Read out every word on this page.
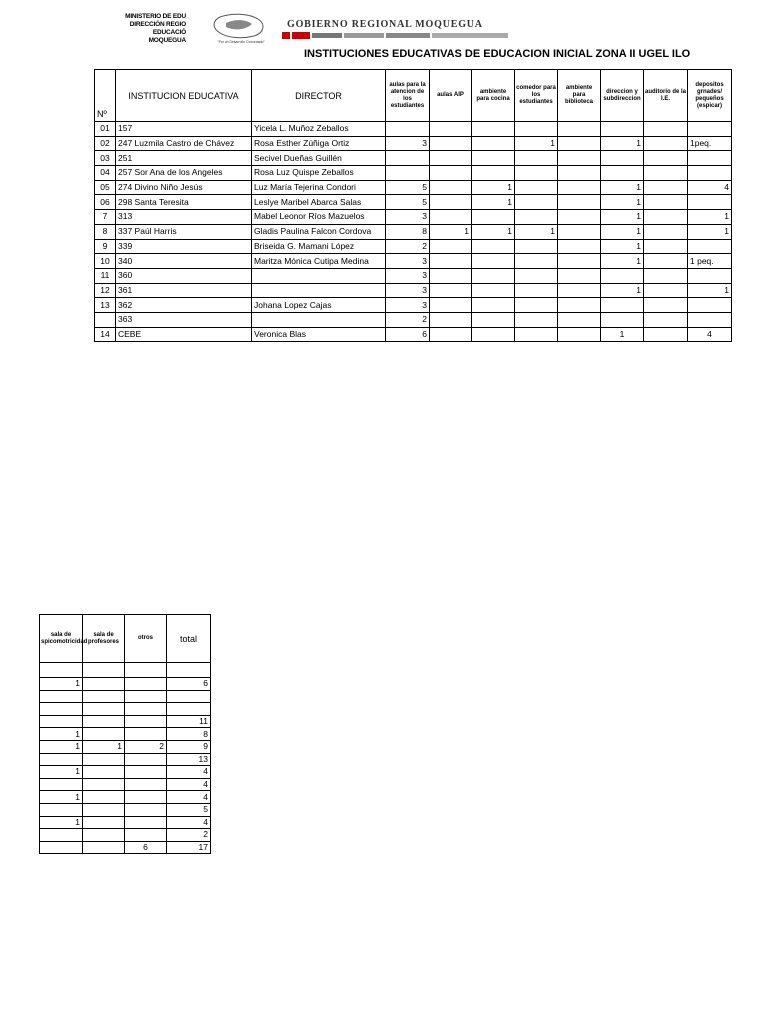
MINISTERIO DE EDU
DIRECCIÓN REGIO
EDUCACIÓ
MOQUEGUA	"Por un Desarrollo Concertado"
GOBIERNO REGIONAL MOQUEGUA
INSTITUCIONES EDUCATIVAS DE EDUCACION INICIAL ZONA II UGEL ILO
Nº	INSTITUCION EDUCATIVA	DIRECTOR	aulas para la atencion de los estudiantes	aulas AIP	ambiente para cocina	comedor para los estudiantes	ambiente para biblioteca	direccion y subdireccion	auditorio de la I.E.	depositos grnades/ pequeños (espicar)
01	157	Yicela L. Muñoz Zeballos								
02	247 Luzmila Castro de Chávez	Rosa Esther Zúñiga Ortiz	3			1		1		1peq.
03	251	Secivel Dueñas Guillén								
04	257 Sor Ana de los Angeles	Rosa Luz Quispe Zeballos								
05	274 Divino Niño Jesús	Luz María Tejerina Condori	5		1			1		4
06	298 Santa Teresita	Leslye Maribel Abarca Salas	5		1			1		
7	313	Mabel Leonor Ríos Mazuelos	3					1		1
8	337 Paúl Harris	Gladis Paulina Falcon Cordova	8	1	1	1		1		1
9	339	Briseida G. Mamani López	2					1		
10	340	Maritza Mónica Cutipa Medina	3					1		1 peq.
11	360		3							
12	361		3					1		1
13	362	Johana Lopez Cajas	3							
	363		2							
14	CEBE	Veronica Blas	6					1		4
sala de spicomotricidad	sala de profesores	otros	total

1			6

			11
1			8
1	1	2	9
			13
1			4
			4
1			4
			5
1			4
			2
		6	17
